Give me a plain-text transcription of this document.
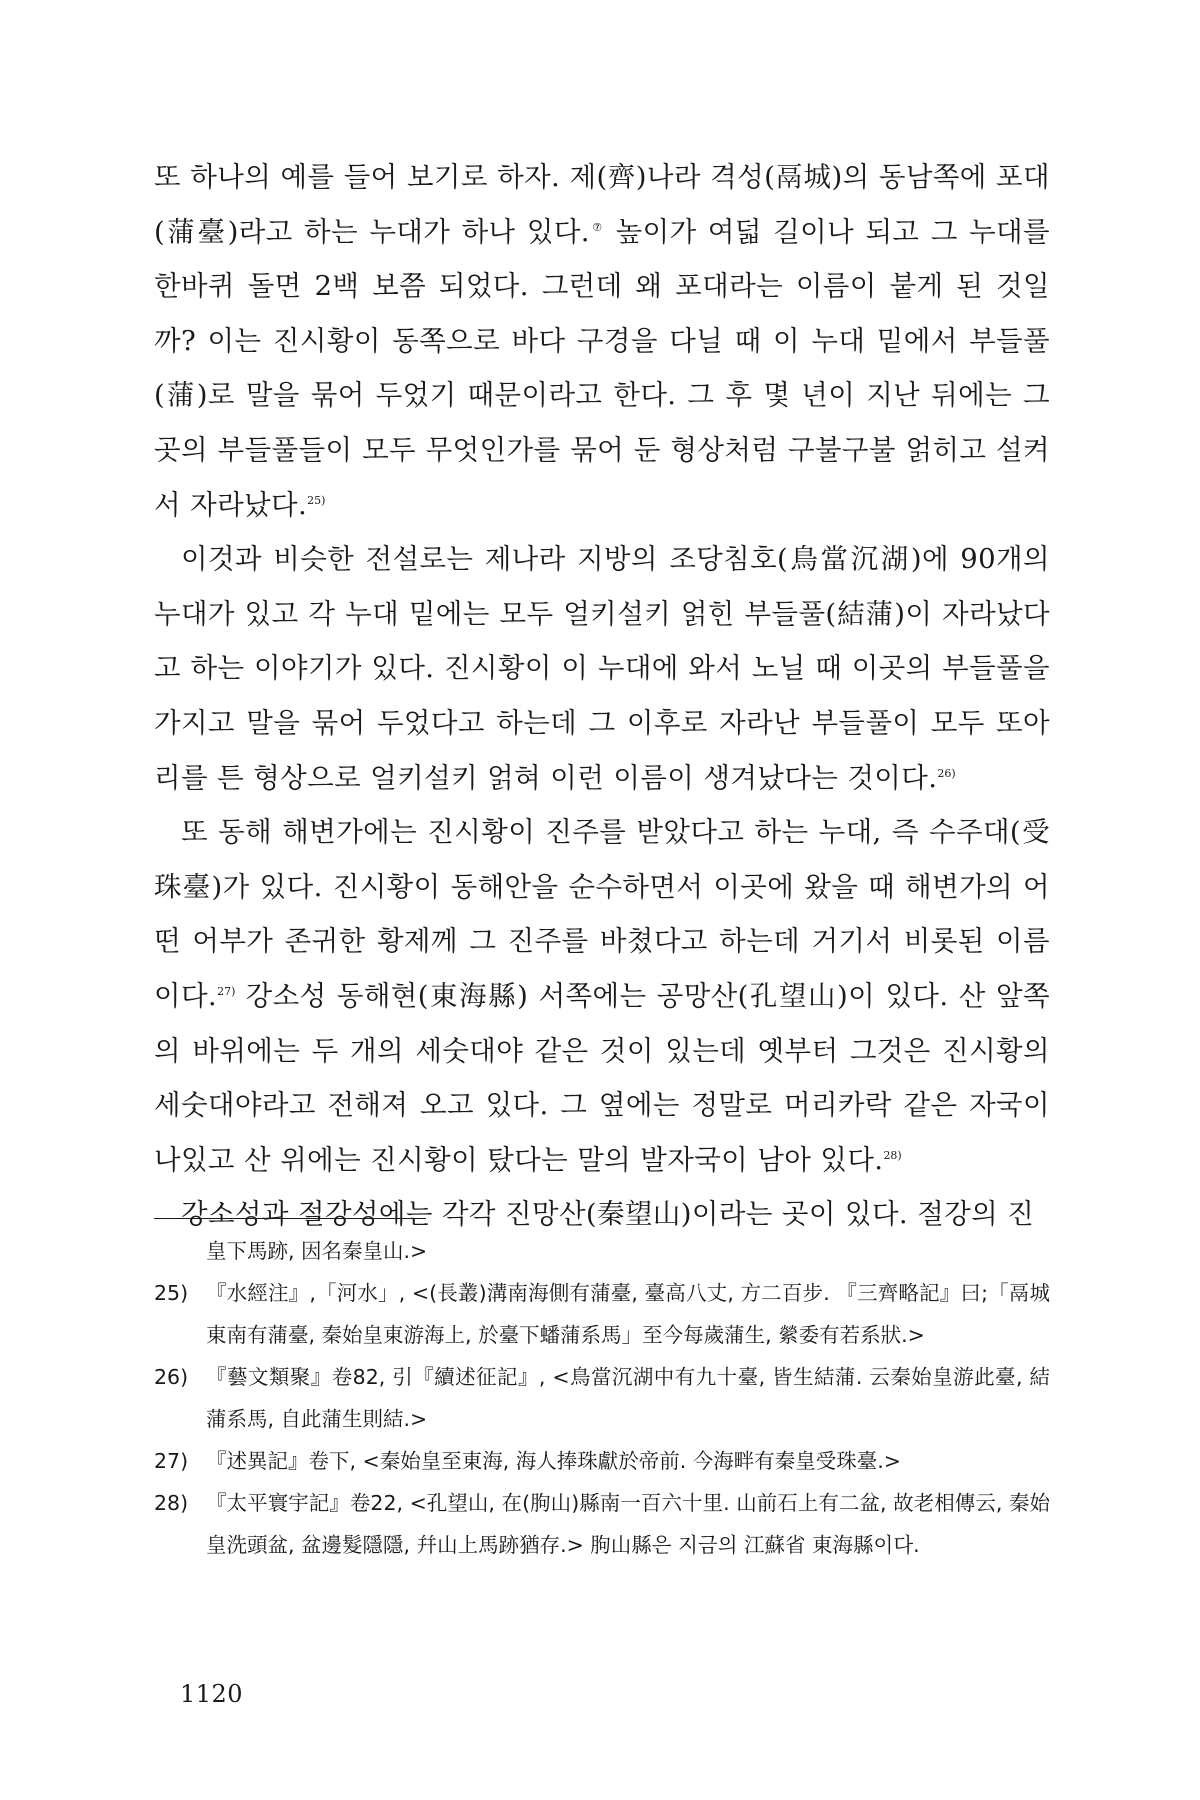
또 하나의 예를 들어 보기로 하자. 제(齊)나라 격성(鬲城)의 동남쪽에 포대(蒲臺)라고 하는 누대가 하나 있다.⑦ 높이가 여덟 길이나 되고 그 누대를 한바퀴 돌면 2백 보쯤 되었다. 그런데 왜 포대라는 이름이 붙게 된 것일까? 이는 진시황이 동쪽으로 바다 구경을 다닐 때 이 누대 밑에서 부들풀(蒲)로 말을 묶어 두었기 때문이라고 한다. 그 후 몇 년이 지난 뒤에는 그곳의 부들풀들이 모두 무엇인가를 묶어 둔 형상처럼 구불구불 얽히고 설켜서 자라났다.$^{25)}$

이것과 비슷한 전설로는 제나라 지방의 조당침호(鳥當沉湖)에 90개의 누대가 있고 각 누대 밑에는 모두 얼키설키 얽힌 부들풀(結蒲)이 자라났다고 하는 이야기가 있다. 진시황이 이 누대에 와서 노닐 때 이곳의 부들풀을 가지고 말을 묶어 두었다고 하는데 그 이후로 자라난 부들풀이 모두 또아리를 튼 형상으로 얼키설키 얽혀 이런 이름이 생겨났다는 것이다.$^{26)}$

또 동해 해변가에는 진시황이 진주를 받았다고 하는 누대, 즉 수주대(受珠臺)가 있다. 진시황이 동해안을 순수하면서 이곳에 왔을 때 해변가의 어떤 어부가 존귀한 황제께 그 진주를 바쳤다고 하는데 거기서 비롯된 이름이다.$^{27)}$ 강소성 동해현(東海縣) 서쪽에는 공망산(孔望山)이 있다. 산 앞쪽의 바위에는 두 개의 세숫대야 같은 것이 있는데 옛부터 그것은 진시황의 세숫대야라고 전해져 오고 있다. 그 옆에는 정말로 머리카락 같은 자국이 나있고 산 위에는 진시황이 탔다는 말의 발자국이 남아 있다.$^{28)}$

강소성과 절강성에는 각각 진망산(秦望山)이라는 곳이 있다. 절강의 진

皇下馬跡, 因名秦皇山.>
25) 『水經注』,「河水」, <(長叢)溝南海側有蒲臺, 臺高八丈, 方二百步. 『三齊略記』曰;「鬲城東南有蒲臺, 秦始皇東游海上, 於臺下蟠蒲系馬」至今每歲蒲生, 縈委有若系狀.>
26) 『藝文類聚』卷82, 引『續述征記』, <鳥當沉湖中有九十臺, 皆生結蒲. 云秦始皇游此臺, 結蒲系馬, 自此蒲生則結.>
27) 『述異記』卷下, <秦始皇至東海, 海人捧珠獻於帝前. 今海畔有秦皇受珠臺.>
28) 『太平寰宇記』卷22, <孔望山, 在(朐山)縣南一百六十里. 山前石上有二盆, 故老相傳云, 秦始皇洗頭盆, 盆邊髮隱隱, 幷山上馬跡猶存.> 朐山縣은 지금의 江蘇省 東海縣이다.
1120
